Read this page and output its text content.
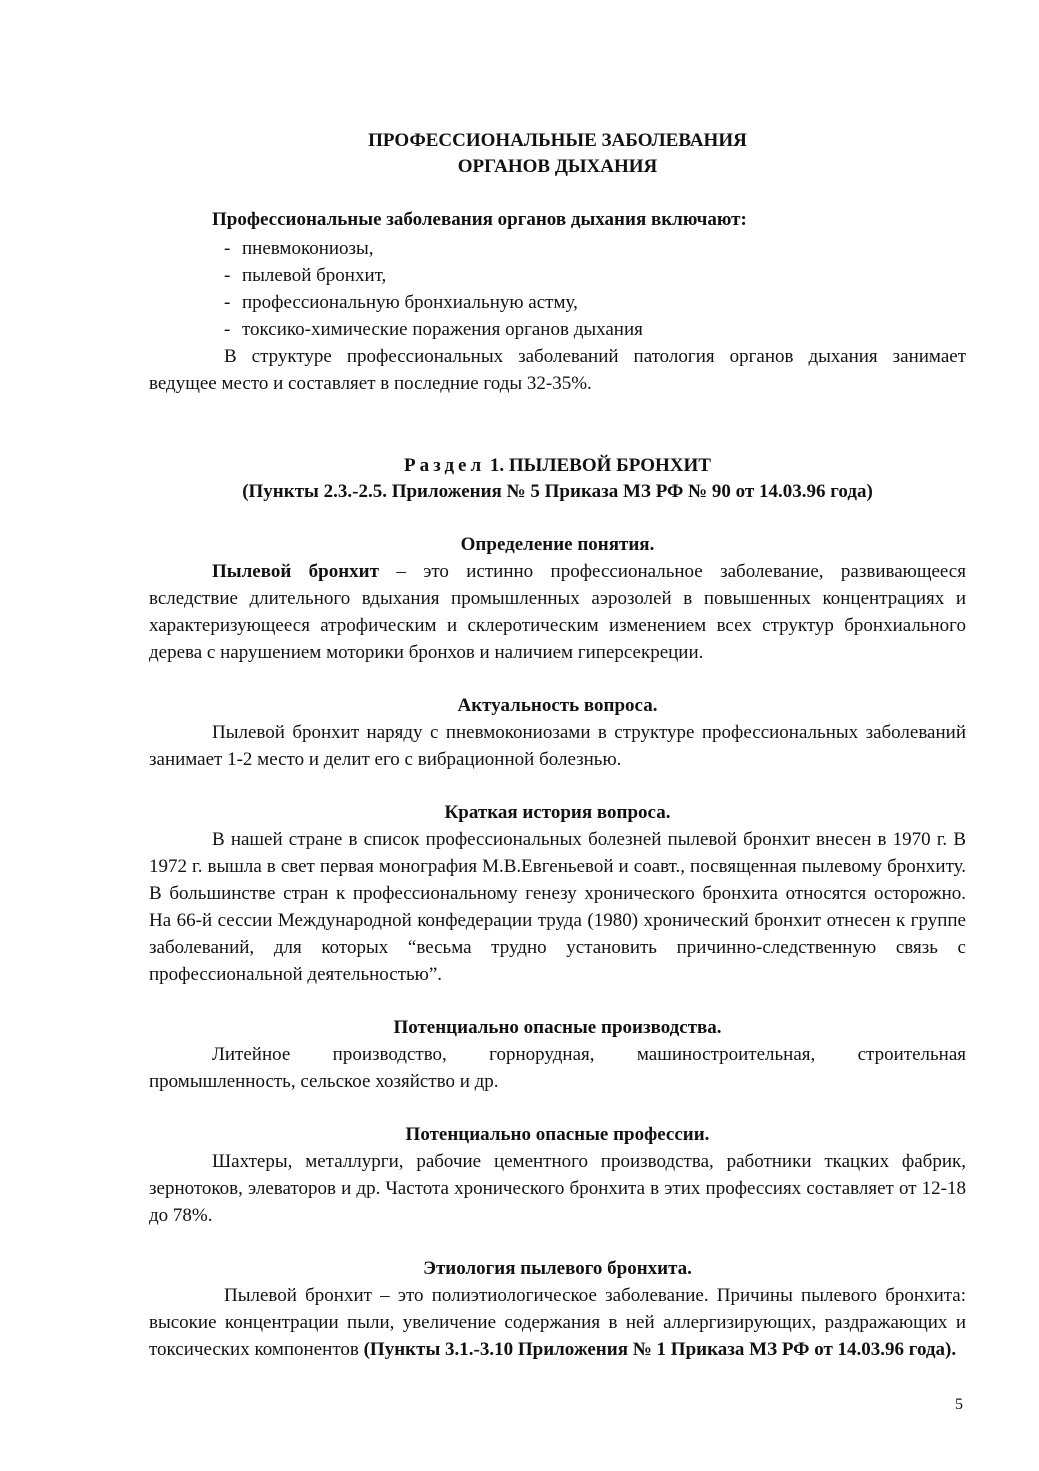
ПРОФЕССИОНАЛЬНЫЕ ЗАБОЛЕВАНИЯ
ОРГАНОВ ДЫХАНИЯ
Профессиональные заболевания органов дыхания включают:
- пневмокониозы,
- пылевой бронхит,
- профессиональную бронхиальную астму,
- токсико-химические поражения органов дыхания

В структуре профессиональных заболеваний патология органов дыхания занимает ведущее место и составляет в последние годы 32-35%.

Раздел 1. ПЫЛЕВОЙ БРОНХИТ
(Пункты 2.3.-2.5. Приложения № 5 Приказа МЗ РФ № 90 от 14.03.96 года)
Определение понятия.

Пылевой бронхит – это истинно профессиональное заболевание, развивающееся вследствие длительного вдыхания промышленных аэрозолей в повышенных концентрациях и характеризующееся атрофическим и склеротическим изменением всех структур бронхиального дерева с нарушением моторики бронхов и наличием гиперсекреции.

Актуальность вопроса.

Пылевой бронхит наряду с пневмокониозами в структуре профессиональных заболеваний занимает 1-2 место и делит его с вибрационной болезнью.

Краткая история вопроса.

В нашей стране в список профессиональных болезней пылевой бронхит внесен в 1970 г. В 1972 г. вышла в свет первая монография М.В.Евгеньевой и соавт., посвященная пылевому бронхиту. В большинстве стран к профессиональному генезу хронического бронхита относятся осторожно. На 66-й сессии Международной конфедерации труда (1980) хронический бронхит отнесен к группе заболеваний, для которых “весьма трудно установить причинно-следственную связь с профессиональной деятельностью”.

Потенциально опасные производства.

Литейное производство, горнорудная, машиностроительная, строительная промышленность, сельское хозяйство и др.

Потенциально опасные профессии.

Шахтеры, металлурги, рабочие цементного производства, работники ткацких фабрик, зернотоков, элеваторов и др. Частота хронического бронхита в этих профессиях составляет от 12-18 до 78%.

Этиология пылевого бронхита.

Пылевой бронхит – это полиэтиологическое заболевание. Причины пылевого бронхита: высокие концентрации пыли, увеличение содержания в ней аллергизирующих, раздражающих и токсических компонентов (Пункты 3.1.-3.10 Приложения № 1 Приказа МЗ РФ от 14.03.96 года).

5
